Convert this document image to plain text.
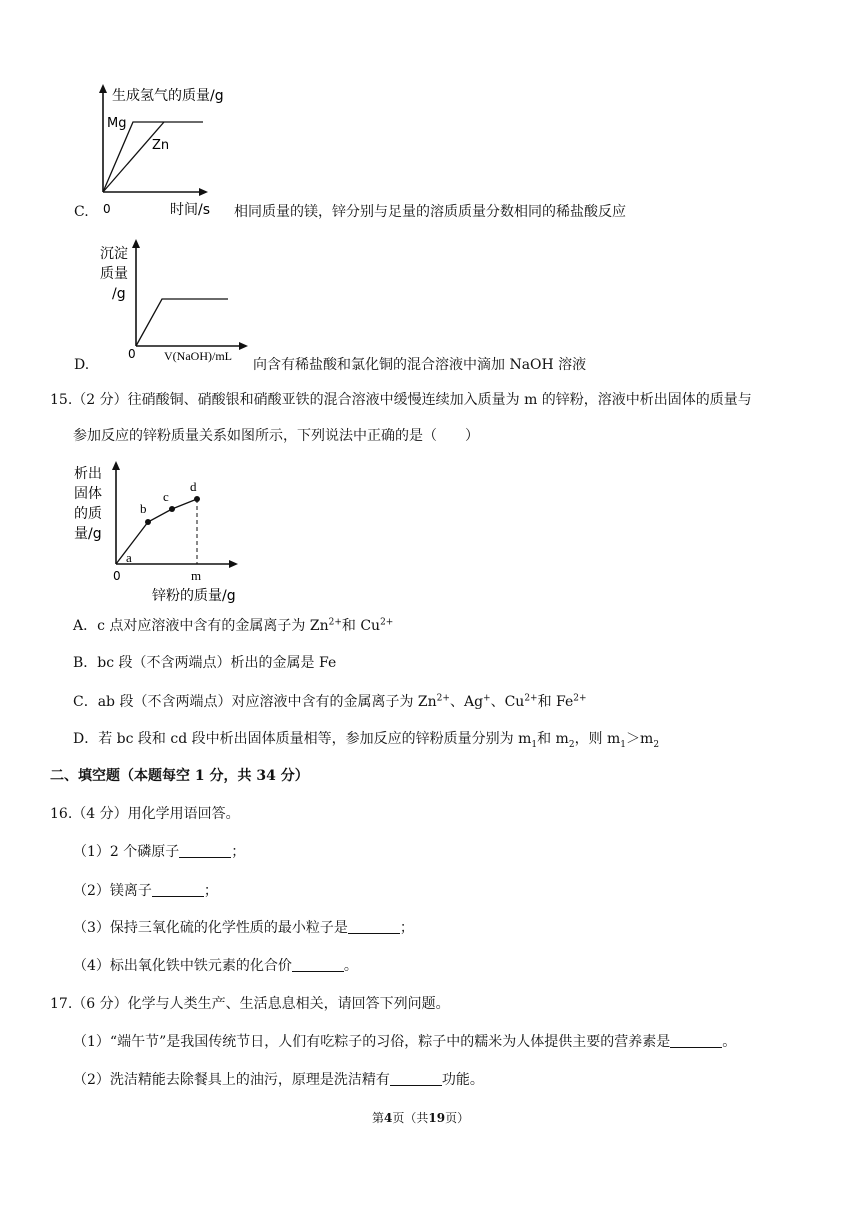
生成氢气的质量/g
Mg
Zn
0	时间/s
C.	相同质量的镁，锌分别与足量的溶质质量分数相同的稀盐酸反应
沉淀
质量
/g
0 V(NaOH)/mL
D.	向含有稀盐酸和氯化铜的混合溶液中滴加 NaOH 溶液
15.（2 分）往硝酸铜、硝酸银和硝酸亚铁的混合溶液中缓慢连续加入质量为 m 的锌粉，溶液中析出固体的质量与
参加反应的锌粉质量关系如图所示，下列说法中正确的是（　　）
析出
固体
的质
量/g
a
b
c
d
0	m
锌粉的质量/g
A．c 点对应溶液中含有的金属离子为 $Zn^{2+}$和 $Cu^{2+}$
B．bc 段（不含两端点）析出的金属是 Fe
C．ab 段（不含两端点）对应溶液中含有的金属离子为 $Zn^{2+}$、Ag+、$Cu^{2+}$和 $Fe^{2+}$
D．若 bc 段和 cd 段中析出固体质量相等，参加反应的锌粉质量分别为 $m_1$和 $m_2$，则 $m_1>m_2$
二、填空题（本题每空 1 分，共 34 分）
16.（4 分）用化学用语回答。
（1）2 个磷原子	；
（2）镁离子	；
（3）保持三氧化硫的化学性质的最小粒子是	；
（4）标出氧化铁中铁元素的化合价	。
17.（6 分）化学与人类生产、生活息息相关，请回答下列问题。
（1）“端午节”是我国传统节日，人们有吃粽子的习俗，粽子中的糯米为人体提供主要的营养素是	。
（2）洗洁精能去除餐具上的油污，原理是洗洁精有	功能。
第4页（共19页）
